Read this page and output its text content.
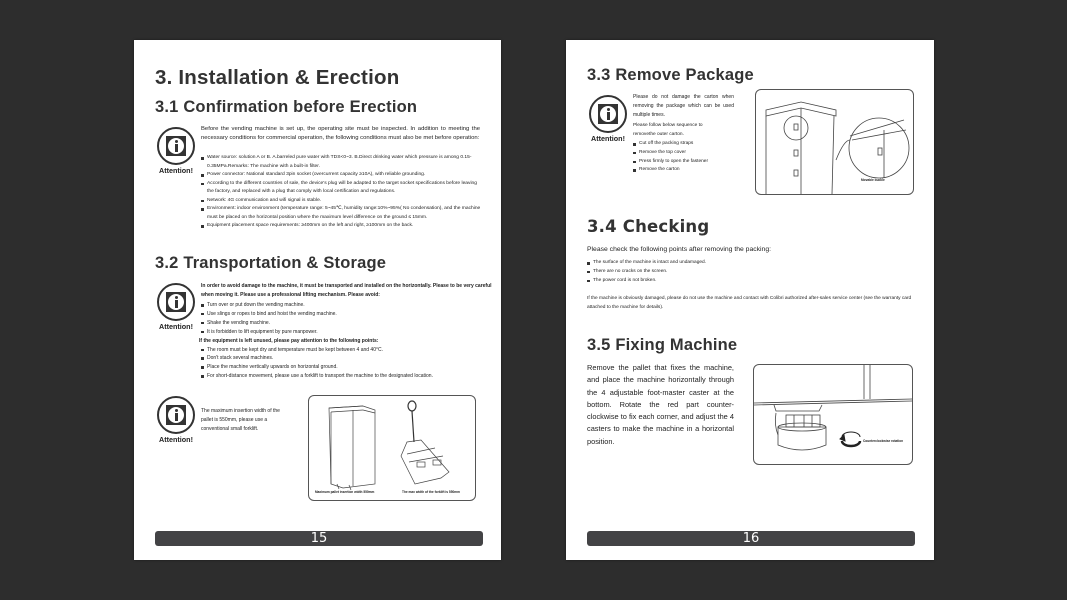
3. Installation & Erection
3.1 Confirmation before Erection
Attention!
Before the vending machine is set up, the operating site must be inspected. In addition to meeting the necessary conditions for commercial operation, the following conditions must also be met before operation:
Water source: solution A or B. A.barreled pure water with TDS<0~3. B.Direct drinking water which pressure is among 0.15-0.35MPa.Remarks: The machine with a built-in filter.
Power connector: National standard 3pin socket (overcurrent capacity ≥10A), with reliable grounding.
According to the different countries of sale, the device's plug will be adapted to the target socket specifications before leaving the factory, and replaced with a plug that comply with local certification and regulations.
Network: 4G communication and wifi signal is stable.
Environment: indoor environment (temperature range: 5~45℃, humidity range:10%~95%( No condensation), and the machine must be placed on the horizontal position where the maximum level difference on the ground ≤ 15mm.
Equipment placement space requirements: ≥400mm on the left and right, ≥100mm on the back.
3.2 Transportation & Storage
Attention!
In order to avoid damage to the machine, it must be transported and installed on the horizontally. Please to be very careful when moving it. Please use a professional lifting mechanism. Please avoid:
Turn over or put down the vending machine.
Use slings or ropes to bind and hoist the vending machine.
Shake the vending machine.
It is forbidden to lift equipment by pure manpower.

If the equipment is left unused, please pay attention to the following points:

The room must be kept dry and temperature must be kept between 4 and 40°C.
Don't stack several machines.
Place the machine vertically upwards on horizontal ground.
For short-distance movement, please use a forklift to transport the machine to the designated location.
Attention!
The maximum insertion width of the pallet is 550mm, please use a conventional small forklift.
Maximum pallet insertion width 550mm	The max width of the forklift is 550mm
15
3.3 Remove Package
Attention!
Please do not damage the carton when removing the package which can be used multiple times.
Please follow below sequence to removethe outer carton.
Cut off the packing straps
Remove the top cover
Press firmly to open the fastener
Remove the carton
Movable buckle
3.4 Checking
Please check the following points after removing the packing:
The surface of the machine is intact and undamaged.
There are no cracks on the screen.
The power cord is not broken.
If the machine is obviously damaged, please do not use the machine and contact with Colibri authorized after-sales service center (see the warranty card attached to the machine for details).
3.5 Fixing Machine
Remove the pallet that fixes the machine, and place the machine horizontally through the 4 adjustable foot-master caster at the bottom. Rotate the red part counter-clockwise to fix each corner, and adjust the 4 casters to make the machine in a horizontal position.	Counterclockwise rotation
16
